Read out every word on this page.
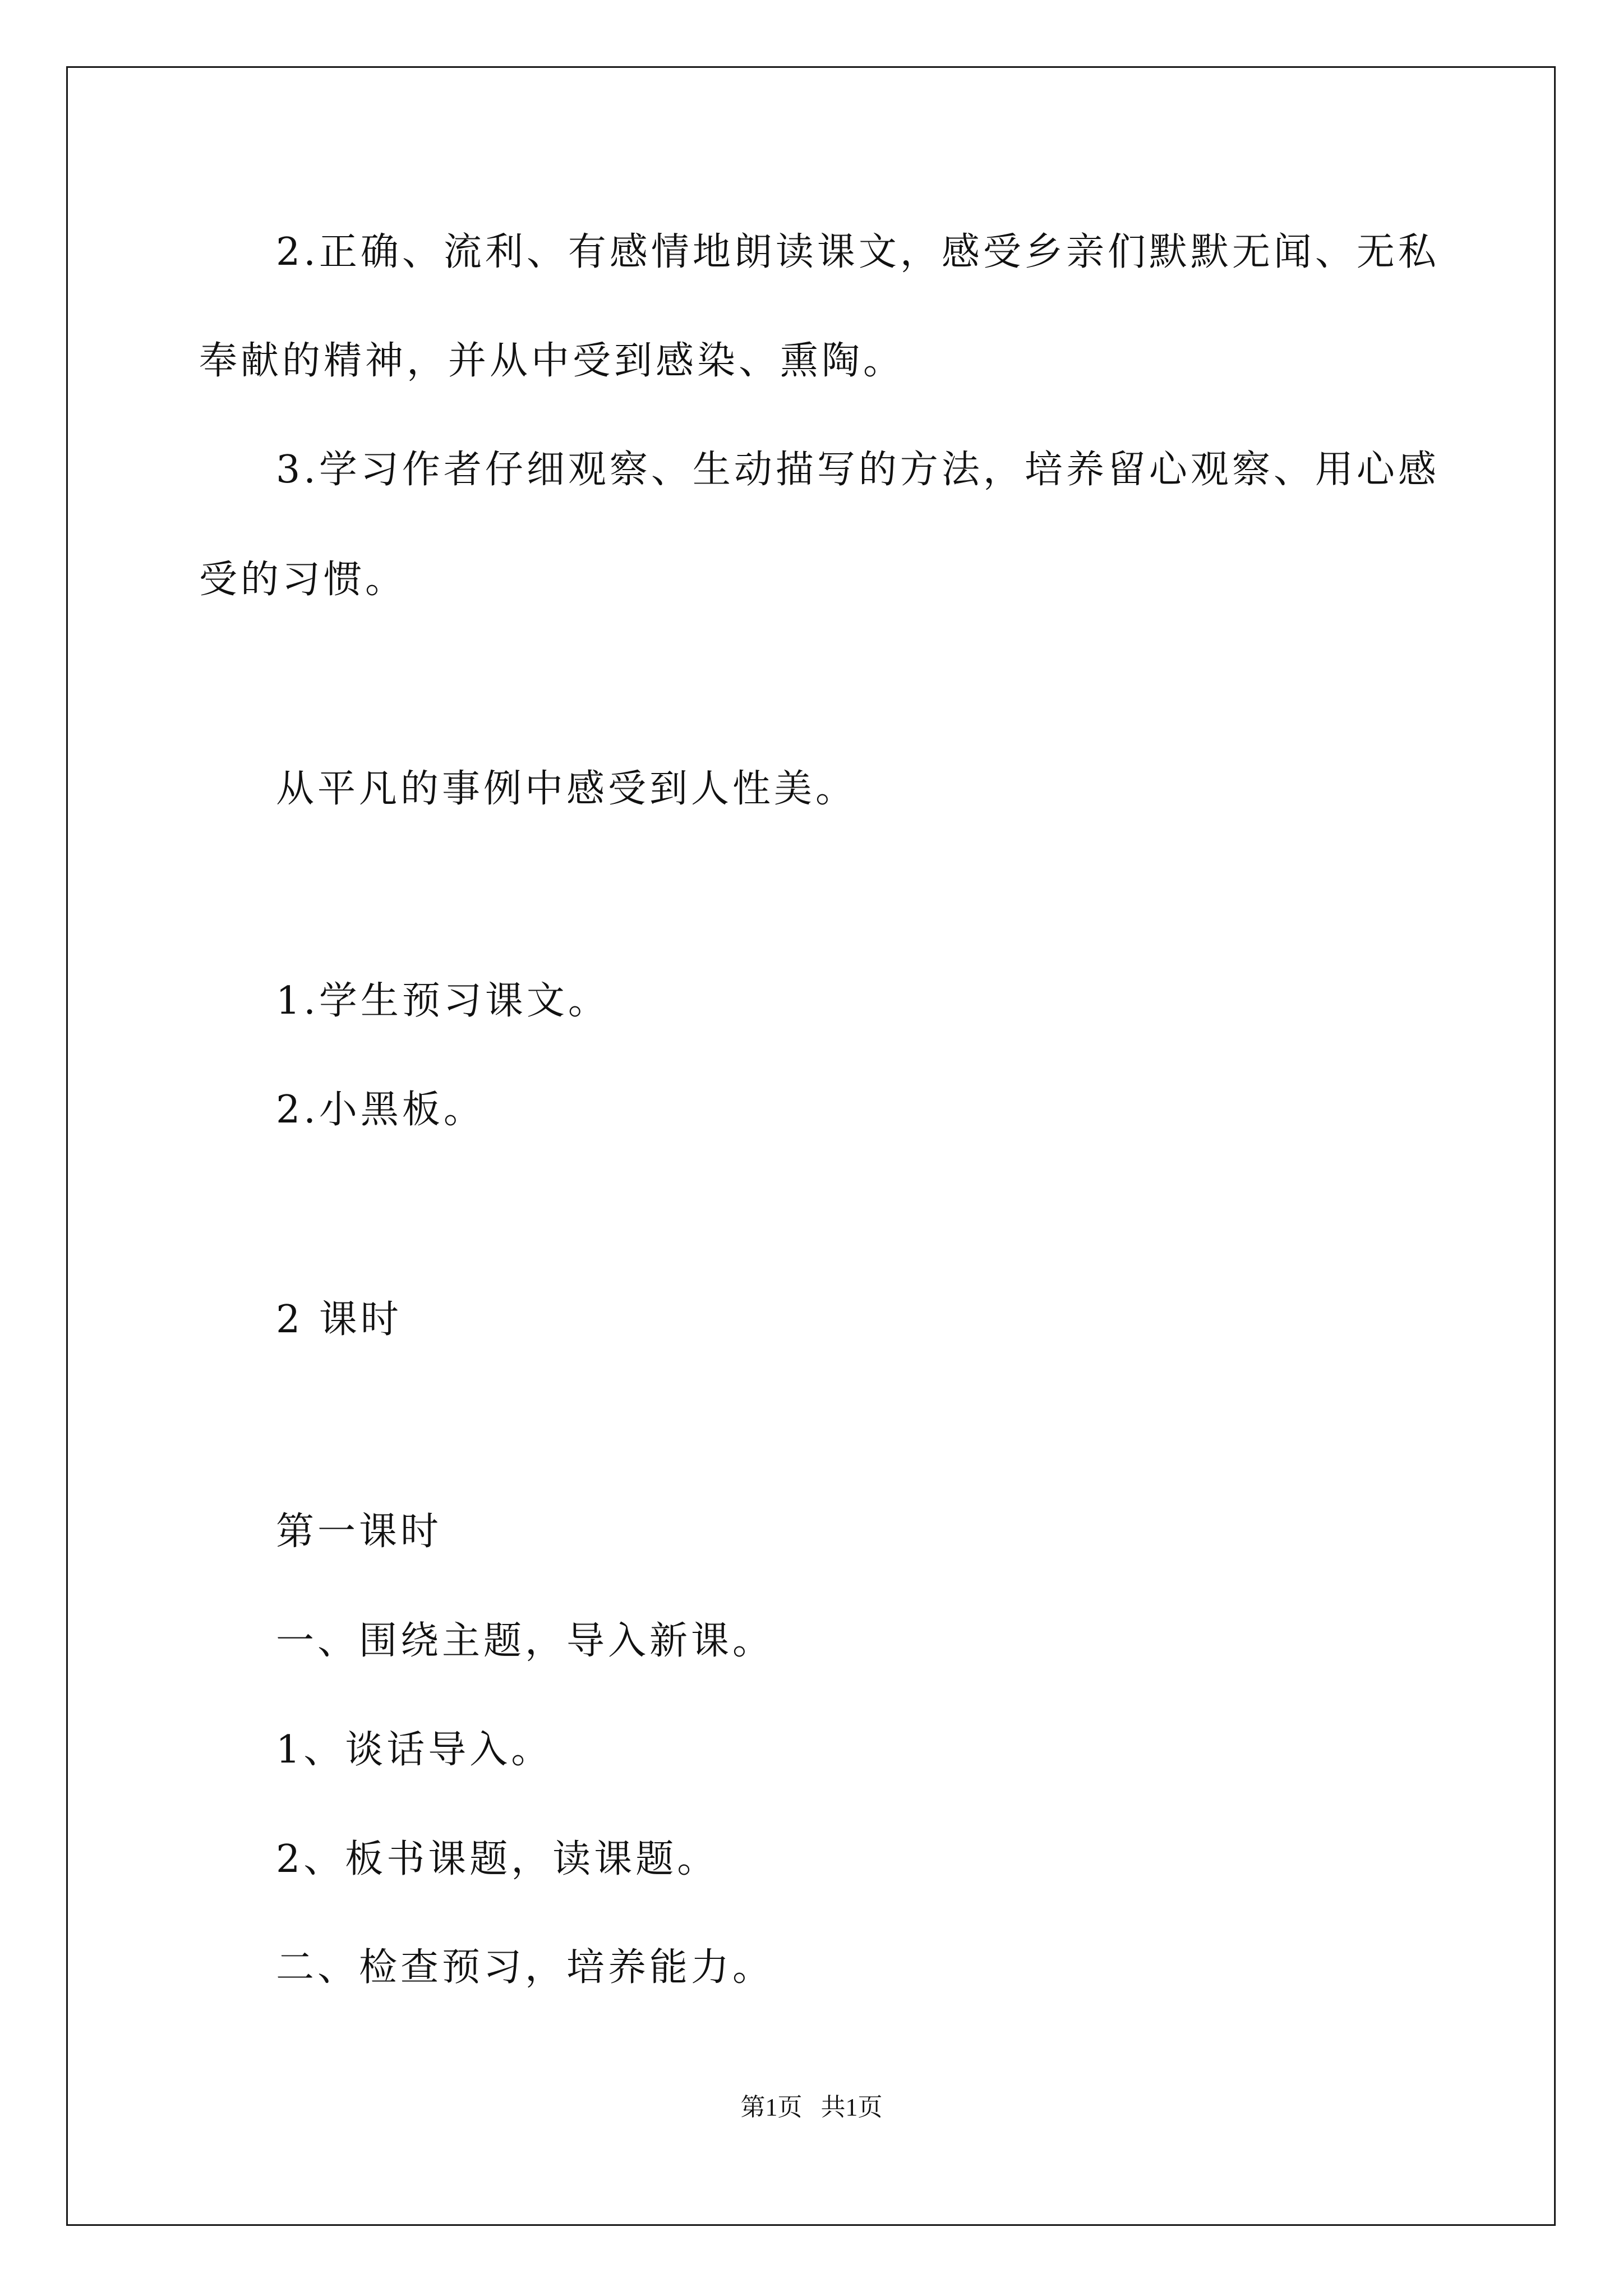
2.正确、流利、有感情地朗读课文，感受乡亲们默默无闻、无私
奉献的精神，并从中受到感染、熏陶。
3.学习作者仔细观察、生动描写的方法，培养留心观察、用心感
受的习惯。
从平凡的事例中感受到人性美。
1.学生预习课文。
2.小黑板。
2 课时
第一课时
一、围绕主题，导入新课。
1、谈话导入。
2、板书课题，读课题。
二、检查预习，培养能力。
第1页   共1页
